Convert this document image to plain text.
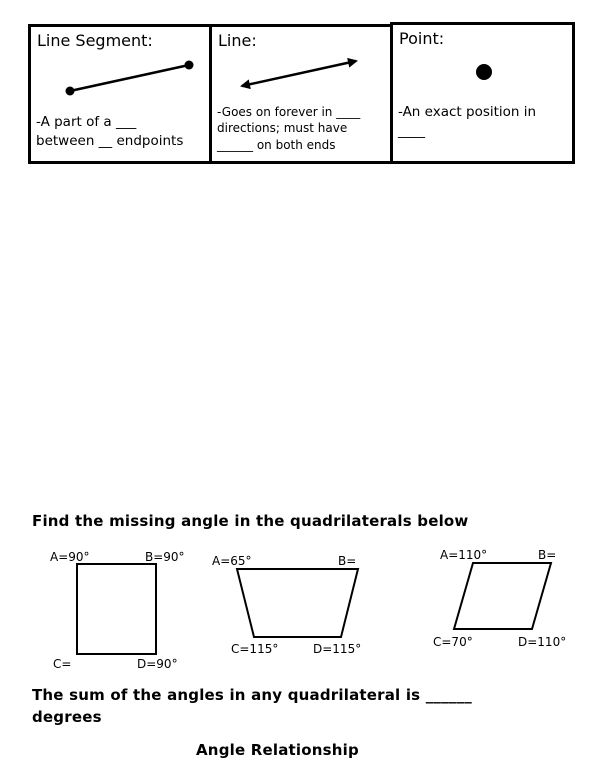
Line Segment:
-A part of a ___
between __ endpoints
Line:
-Goes on forever in ____
directions; must have
______ on both ends
Point:
-An exact position in
____
Find the missing angle in the quadrilaterals below
A=90°	B=90°
C=	D=90°
A=65°	B=
C=115°	D=115°
A=110°	B=
C=70°	D=110°
The sum of the angles in any quadrilateral is ______
degrees
Angle Relationship
